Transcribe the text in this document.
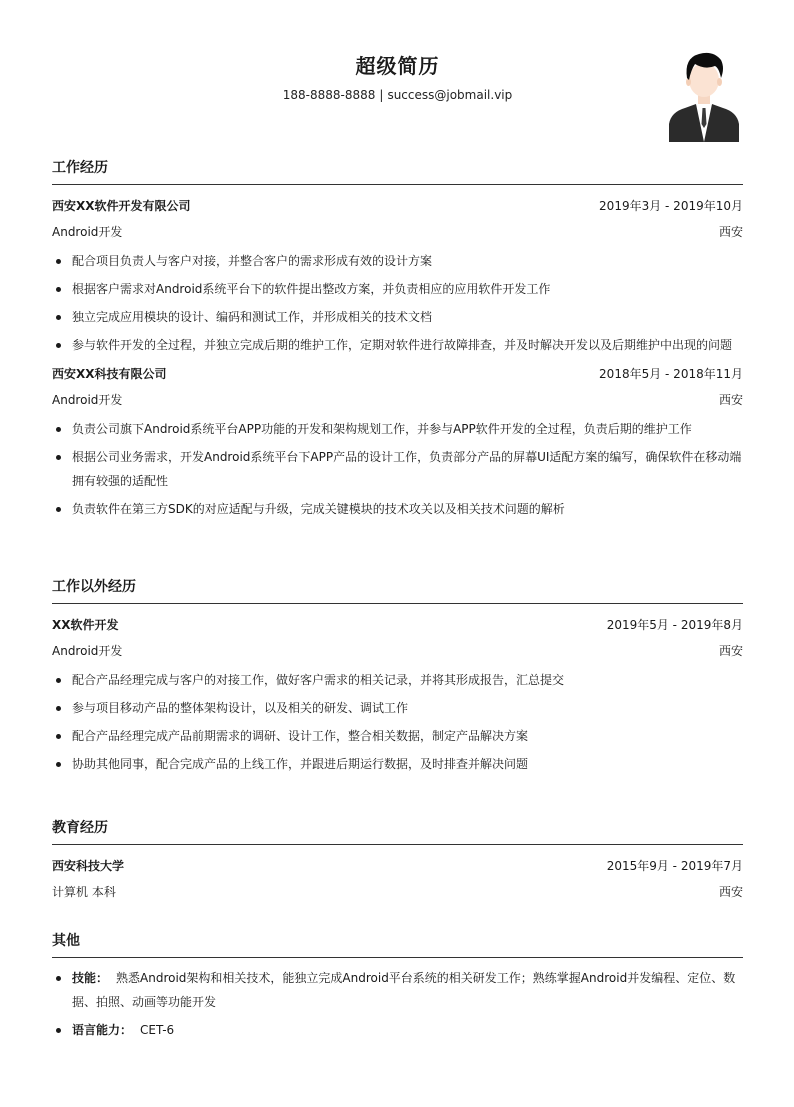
超级简历
188-8888-8888 | success@jobmail.vip
工作经历
西安XX软件开发有限公司	2019年3月 - 2019年10月
Android开发	西安
配合项目负责人与客户对接，并整合客户的需求形成有效的设计方案
根据客户需求对Android系统平台下的软件提出整改方案，并负责相应的应用软件开发工作
独立完成应用模块的设计、编码和测试工作，并形成相关的技术文档
参与软件开发的全过程，并独立完成后期的维护工作，定期对软件进行故障排查，并及时解决开发以及后期维护中出现的问题
西安XX科技有限公司	2018年5月 - 2018年11月
Android开发	西安
负责公司旗下Android系统平台APP功能的开发和架构规划工作，并参与APP软件开发的全过程，负责后期的维护工作
根据公司业务需求，开发Android系统平台下APP产品的设计工作，负责部分产品的屏幕UI适配方案的编写，确保软件在移动端拥有较强的适配性
负责软件在第三方SDK的对应适配与升级，完成关键模块的技术攻关以及相关技术问题的解析
工作以外经历
XX软件开发	2019年5月 - 2019年8月
Android开发	西安
配合产品经理完成与客户的对接工作，做好客户需求的相关记录，并将其形成报告，汇总提交
参与项目移动产品的整体架构设计，以及相关的研发、调试工作
配合产品经理完成产品前期需求的调研、设计工作，整合相关数据，制定产品解决方案
协助其他同事，配合完成产品的上线工作，并跟进后期运行数据，及时排查并解决问题
教育经历
西安科技大学	2015年9月 - 2019年7月
计算机 本科	西安
其他
技能： 熟悉Android架构和相关技术，能独立完成Android平台系统的相关研发工作；熟练掌握Android并发编程、定位、数据、拍照、动画等功能开发
语言能力： CET-6
